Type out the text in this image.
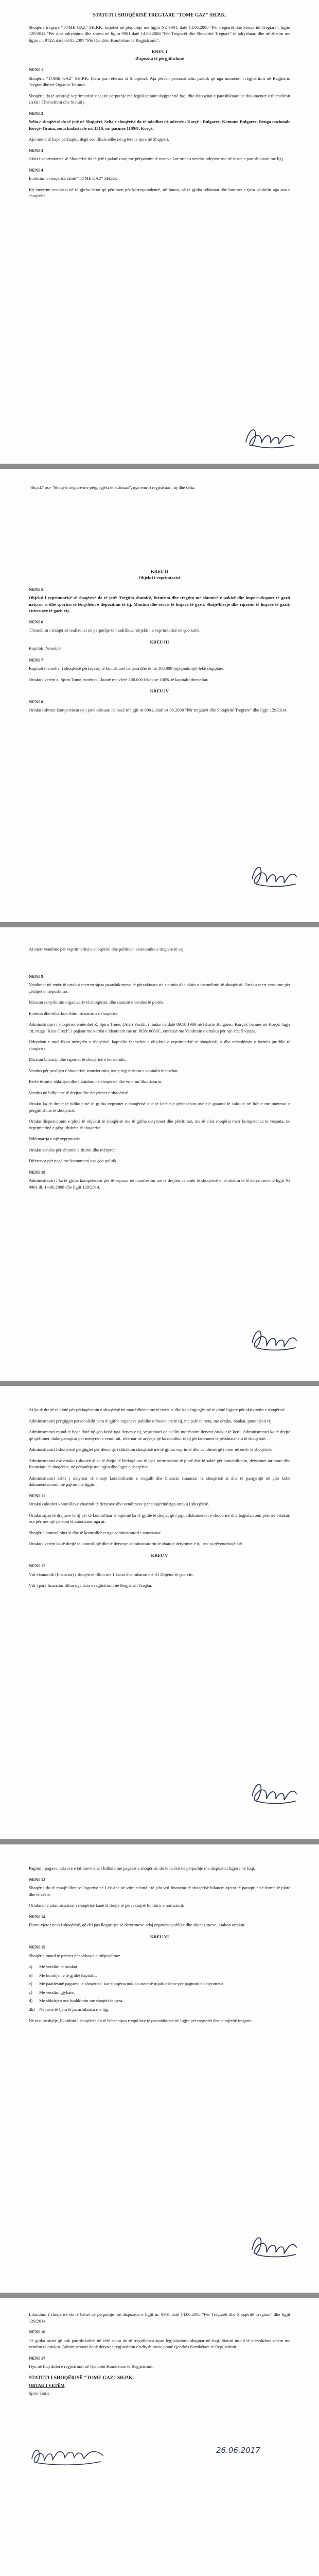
STATUTI I SHOQËRISË TREGTARE "TOME GAZ" SH.P.K.

Shoqëria tregtare "TOME GAZ" SH.P.K. krijohet në përputhje me ligjin Nr. 9901, datë 14.06.2008 "Për tregtarët dhe Shoqëritë Tregtare", ligjin 129/2014 "Për disa ndryshime dhe shtesa në ligjin 9901 datë 14.06.2008 "Për Tregtarët dhe Shoqëritë Tregtare" të ndryshuar, dhe në zbatim me ligjin nr. 9723, datë 03.05.2007 "Për Qendrën Kombëtare të Regjistrimit".

KREU I
Dispozita të përgjithshme
NENI 1

Shoqëria "TOME GAZ" SH.P.K. (këtu pas referuar si Shoqëria). Aja përcen personalitetin juridik që nga momenti i regjistrimit në Regjistrin Tregtar dhe në Organin Tatimor.

Shoqëria do të ushtrojë veprimtarinë e saj në përputhje me legjislacionin shqiptar në fuqi dhe dispozitat e parashikuara në dokumentet e themelimit (Akti i Themelimit dhe Statuti).

NENI 2

Selia e shoqërisë do të jetë në Shqipëri. Selia e shoqërisë do të ndodhet në adresën: Korçë - Bulgarec, Komuna Bulgarec, Rruga nacionale Korçë-Tirana, zona kadastrale nr. 1310, nr. pasurie 1199/8, Korçë.

Ajo mund të hapë përfaqësi, degë ose filiale edhe në qytete të tjera në Shqipëri.

NENI 3

Afati i veprimtarisë së Shoqërisë do të jetë i pakufizuar, me përjashtim të rasteve kur ortaku vendos ndryshe ose në rastet e parashikuara me ligj.

NENI 4

Emërtimi i shoqërisë është "TOME GAZ" SH.P.K.

Ky emërtim vendoset në të gjitha letrat që përdoren për korrespondencë, në fatura, në të gjitha reklamat dhe botimet e tjera që dalin nga ana e shoqërisë.

"Sh.p.k" ose "Shoqëri tregtare me përgjegjësi të kufizuar", nga emri i regjistruar i tij dhe selia.

KREU II
Objekti i veprimtarisë
NENI 5

Objekti i veprimtarisë së shoqërisë do të jetë: Tregtim shumicë, furnizim dhe tregtim me shumicë e pakicë dhe import-eksport të gazit natyror si dhe sportiri të lëngshëm e depozitimi të tij. Montim dhe servis të linjave të gazit. Shitje/blerje dhe riparim të linjave të gazit, cisternave të gazit etj.

NENI 6

Themelimi i shoqërisë realizohet në përputhje të modifikuar objektin e veprimtarisë në çdo kohë.

KREU III
Kapitali themeltar
NENI 7

Kapitali themeltar i shoqërisë përfaqësojnë kontributet në para dhe është 100.000 (njëqindmijë) lekë shqiptare.

Ortaku i vetëm z. Spiro Tome, zotëron 1 kuotë me vlerë 100.000 lekë ose 100% të kapitalit themeltar.

KREU IV
NENI 8

Ortaku ushtron kompetencat që i janë caktuar, në bazë të ligjit nr 9901, datë 14.06.2008 "Për tregtarët dhe Shoqëritë Tregtare" dhe ligjit 129/2014.

Ai merr vendime për veprimtarinë e shoqërisë dhe politikën ekonomike e tregtare të saj.

NENI 9

Vendimet në emër të ortakut merren sipas parashikimeve të përcaktuara në statutin dhe aktin e themelimit të shoqërisë. Ortaku merr vendime për çështjet e mëposhtme:

Miraton ndryshimin organizativ të shoqërisë, dhe statutin e vendos të plotën.

Emëron dhe shkarkon Administratorin e shoqërisë.

Administratori i shoqërisë emërohet Z. Spiro Tome, (Atë i Vasilit, i lindur në datë 09.10.1969 në fshatin Bulgarec, Korçë), banues në Korçë, lagja 18, rruga "Kico Grezi", i pajisur me kartën e identitetit me nr. I83810000C, emëruar me Vendimin e ortakut për një afat 5 vjeçar.

Ndryshon e modifikon mënyrën e shoqërisë, kapitalin themeltar e objektin e veprimtarisë së shoqërisë, si dhe ndryshimin e formës juridike të shoqërisë.

Miraton bilancin dhe raportet të shoqërisë e konsolidit.

Vendos për prishjen e shoqërisë, transferimin, ose ç'regjistrimin e kapitalit themeltar.

Rivlerësimin, shkrirjen dhe likuidimin e shoqërisë dhe emëron likuidatorin.

Vendos në lidhje me të drejtat dhe detyrimet e shoqërisë.

Ortaku ka të drejtë të ndikojë në të gjitha veprimet e shoqërisë dhe të ketë një përfaqësim ose një garanci të caktuar në lidhje me interesat e përgjithshme të shoqërisë.

Ortaku dispozicionin e plotë të objektit të shoqërisë me të gjitha detyrimet dhe përfitimet, me të cilat shoqëria merr kompetenca të veçanta, në veprimtarinë e përgjithshme të shoqërisë.

Ndërmarrja e një veprimtarie.

Ortaku vendos për shumën e fitimit dhe mënyrën.

Diferenca për pagë me komuniteti ose çdo politik.

NENI 10

Administratori i ka të gjitha kompetencat për të vepruar në manifestim me të drejtën në emër të shoqërisë e në zbatim të të detyrimeve të ligjit Nr 9901 dt. 14.06.2008 dhe ligjit 129/2014.

Ai ka të drejtë të plotë për përfaqësimin e shoqërisë në marrëdhënie me të tretët si dhe ka përgjegjësinë të plotë ligjore për aktivitetin e shoqërisë.

Administratori përgjigjet personalisht para të gjithë organeve publike e financiare të tij, me palë të treta, me ortaku, bankat, punonjësit etj.

Administratori mund të heqë dorë në çdo kohë nga detyra e tij, veprimtari që sjellin me zbatim detyrat ortakut të ketij. Administratori ka të drejtë që sjellimet, duke paraqitur për mënyrën e vendimit, referuar në arsyeje që ka ndodhur të tij përfaqësuesi të përshtatshëm të shoqërisë.

Administratori i shoqërisë përgjigjet për dëme që i shkakton shoqërisë me të gjitha veprimet dhe vendimet që i merr në emër të shoqërisë.

Administratori ose ortaku i shoqërisë ka të drejtë të kërkojë ose të japë informacion të plotë dhe të saktë për kontabilitetin, detyrimet tatimore dhe financiare të shoqërisë, në përputhje me ligjin dhe ligjet e shoqërisë.

Administratori është i detyruar të mbajë kontabilitetin e rregullt dhe bilancin financiar të shoqërisë si dhe të pasqyrojë në çdo kohë dokumentacionin në pajtim me ligjin.

NENI 11

Ortaku caktohet kontrollin e zbatimit të detyrave dhe vendimeve për shoqërinë nga ortaku i shoqërisë.

Ortaku sipas të drejtave të tij për të kontrolluar shoqërinë ka të gjithë të drejtat që i japin dokumentet e shoqërisë dhe legjislacioni, përmes ortakut, ose përmes një personi të autorizuar nga ai.

Shoqëria kontrollohet si dhe të kontrollohet nga administratori i autorizuar.

Ortaku i vetëm ka të drejtë të kontrollojë dhe të detyrojë administratorin të zbatojë detyrimet e tij, ose ta zëvendësojë atë.

KREU V
NENI 12

Viti ekonomik (financiar) i shoqërisë fillon më 1 Janar dhe mbaron më 31 Dhjetor të çdo viti.

Viti i parë financiar fillon nga data e regjistrimit në Regjistrin Tregtar.

Pagimi i pagave, taksave e tatimeve dhe i lidhura me pagesat e shoqërisë, do të behen në përputhje me dispozitat ligjore në fuqi.

NENI 13

Shoqëria do të mbajë librat e llogarive në Lek dhe në vitin e fundit të çdo viti financiar të shoqërisë bilancin vjetor të paraqitur në formë të plotë dhe të saktë.

Ortaku dhe administratori i shoqërisë kanë të drejtë të përcaktojnë fondin e amortizimit.

NENI 14

Fitimi vjetor neto i shoqërisë, që del pas llogaritjes së detyrimeve ndaj organeve publike dhe shpenzimeve, i takon ortakut.

KREU VI
NENI 15

Shoqëria mund të prishet për shkaqet e mëposhtme:

a) Me vendim të ortakut;
b) Me humbjen e të gjithë kapitalit.
c) Me paaftësinë paguese të shoqërisë, kur shoqëria nuk ka asete të mjaftueshme për pagimin e detyrimeve.
ç) Me vendim gjykate.
d) Me shkrirjen ose bashkimin me shoqëri të tjera.
dh) Në raste të tjera të parashikuara me ligj.

Në rast prishjeje, likuidimi i shoqërisë do të bëhet sipas rregullave të parashikuara në ligjin për tregtarët dhe shoqëritë tregtare.

Likuidimi i shoqërisë do të bëhet në përputhje me dispozitat e ligjit nr. 9901 datë 14.06.2008 "Për Tregtarët dhe Shoqëritë Tregtare" dhe ligjit 129/2014.

NENI 16

Të gjitha rastet që nuk parashikohen në këtë statut do të rregullohen sipas legjislacionit shqiptar në fuqi. Statuti mund të ndryshohet vetëm me vendim të ortakut. Administratori do të detyrojë regjistrimin e ndryshimeve pranë Qendrës Kombëtare të Regjistrimit.

NENI 17

Hyn në fuqi ditën e regjistrimit në Qendrën Kombëtare të Regjistrimit.

STATUTI I SHOQËRISË "TOME GAZ" SH.P.K.
ORTAK I VETËM
Spiro Tome
26.06.2017
